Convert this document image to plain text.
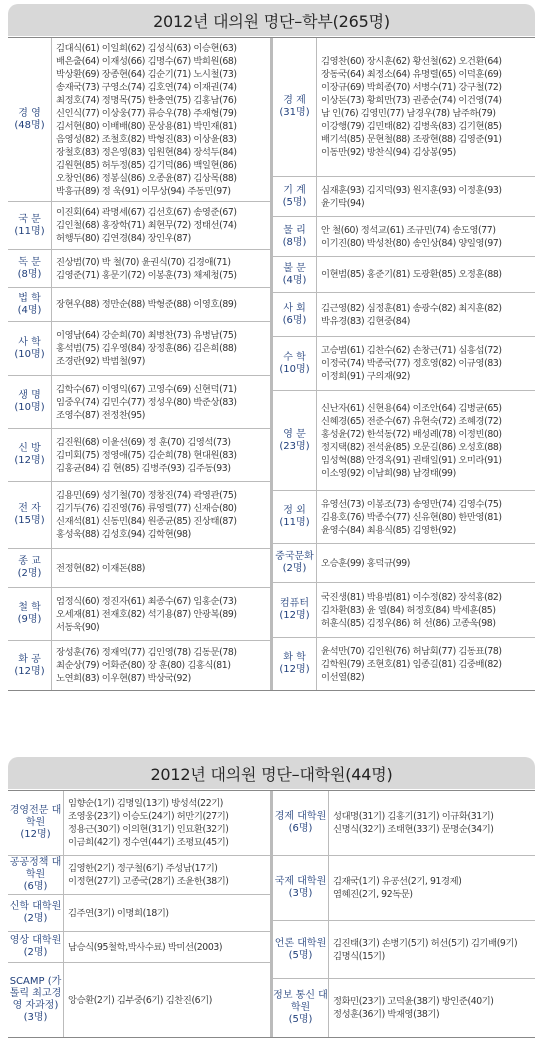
2012년 대의원 명단–학부(265명)
경 영
(48명)
김대식(61) 이일희(62) 김성식(63) 이승현(63)
배은출(64) 이재성(66) 김명수(67) 박희원(68)
박상환(69) 장종현(64) 김순기(71) 노시철(73)
송재국(73) 구영소(74) 김호연(74) 이재권(74)
최정호(74) 정명목(75) 한충연(75) 김홍남(76)
신인식(77) 이상웅(77) 류승우(78) 주재형(79)
김서현(80) 이배배(80) 문상용(81) 박민재(81)
음영성(82) 조철호(82) 박형진(83) 이상윤(83)
장철호(83) 정은영(83) 임원현(84) 장석두(84)
김원현(85) 허두정(85) 김기덕(86) 백일현(86)
오창언(86) 정봉실(86) 오종윤(87) 김상목(88)
박흥규(89) 정 욱(91) 이무상(94) 주동민(97)
국 문
(11명)
이진회(64) 곽명세(67) 김선호(67) 송영준(67)
김인철(68) 홍장학(71) 최현무(72) 정태선(74)
허행두(80) 김연경(84) 장인우(87)
독 문
(8명)
진상범(70) 박 철(70) 윤권식(70) 김경애(71)
김영준(71) 홍문기(72) 이봉훈(73) 채제청(75)
법 학
(4명) 장현우(88) 정만순(88) 박형준(88) 이영호(89)
사 학
(10명)
이영남(64) 강순희(70) 최병찬(73) 유병남(75)
홍석범(75) 김우영(84) 장정훈(86) 김은희(88)
조경란(92) 박범철(97)
생 명
(10명)
김학수(67) 이영익(67) 고영수(69) 신현덕(71)
임중우(74) 김민수(77) 정성우(80) 박준상(83)
조영수(87) 전정찬(95)
신 방
(12명)
김진원(68) 이윤선(69) 정 훈(70) 김영석(73)
김미회(75) 정영애(75) 김순희(78) 현대원(83)
김홍균(84) 김 현(85) 김병주(93) 김주동(93)
전 자
(15명)
김용민(69) 성기철(70) 정창진(74) 곽영관(75)
김기두(76) 김진영(76) 류영렬(77) 신재승(80)
신재석(81) 신동민(84) 원종균(85) 진상태(87)
홍성욱(88) 김성호(94) 김학현(98)
종 교
(2명) 전정현(82) 이재돈(88)
철 학
(9명)
엄정식(60) 정진자(61) 최종수(67) 임홍순(73)
오세재(81) 전재호(82) 석기용(87) 안광복(89)
서동욱(90)
화 공
(12명)
장성훈(76) 정재억(77) 김인영(78) 김동문(78)
최순상(79) 어화준(80) 장 훈(80) 김홍식(81)
노연희(83) 이우현(87) 박상국(92)
경 제
(31명)
김영찬(60) 장시훈(62) 황선철(62) 오건환(64)
장동국(64) 최정소(64) 유명렬(65) 이덕훈(69)
이장규(69) 박희종(70) 서병수(71) 강구철(72)
이상돈(73) 황희만(73) 권종순(74) 이건영(74)
남 인(76) 김영민(77) 남경우(78) 남주하(79)
이강행(79) 김민태(82) 김병욱(83) 김기현(85)
배기석(85) 문현철(88) 조광현(88) 김영준(91)
이동만(92) 방찬식(94) 김상봉(95)
기 계
(5명)
심재훈(93) 김지덕(93) 원지훈(93) 이정훈(93)
윤기탁(94)
물 리
(8명)
안 철(60) 정석교(61) 조규민(74) 송도영(77)
이기진(80) 박성찬(80) 송인상(84) 양일영(97)
불 문
(4명) 이현범(85) 홍준기(81) 도광환(85) 오정훈(88)
사 회
(6명)
김근영(82) 심정훈(81) 송광수(82) 최지훈(82)
박유경(83) 김현중(84)
수 학
(10명)
고승범(61) 김찬수(62) 손창근(71) 심흥섭(72)
이정국(74) 박종국(77) 정호영(82) 이규영(83)
이정희(91) 구의재(92)
영 문
(23명)
신난자(61) 신현용(64) 이조안(64) 김병균(65)
신혜경(65) 전준수(67) 유현숙(72) 조혜경(72)
홍성윤(72) 한석동(72) 배성례(78) 이정빈(80)
정지택(82) 전석윤(85) 오문길(86) 오성호(88)
임성혁(88) 안경옥(91) 권태일(91) 오미라(91)
이소영(92) 이남희(98) 남경태(99)
정 외
(11명)
유영선(73) 이봉조(73) 송영만(74) 김영수(75)
김용호(76) 박종수(77) 신유현(80) 한만영(81)
윤영수(84) 최용식(85) 김영한(92)
중국문화
(2명) 오승훈(99) 홍덕규(99)
컴퓨터
(12명)
국진생(81) 박용범(81) 이수정(82) 장석홍(82)
김차환(83) 윤 열(84) 허정호(84) 박세훈(85)
허훈식(85) 김정우(86) 허 선(86) 고종욱(98)
화 학
(12명)
윤석만(70) 김인원(76) 허남회(77) 김동표(78)
김학원(79) 조현호(81) 임종길(81) 김중배(82)
이선열(82)
2012년 대의원 명단–대학원(44명)
경영전문 대학원
(12명)
임향순(1기) 김명일(13기) 방성석(22기)
조영웅(23기) 이승도(24기) 허만기(27기)
정용근(30기) 이의현(31기) 인묘환(32기)
이금희(42기) 정수연(44기) 조평묘(45기)
공공정책 대학원
(6명)
김영한(2기) 정구철(6기) 주성남(17기)
이정현(27기) 고종국(28기) 조윤한(38기)
신학 대학원
(2명) 김주연(3기) 이명희(18기)
영상 대학원
(2명) 남승식(95철학,박사수료) 박미선(2003)
SCAMP (가톨릭 최고경영 자과정)
(3명)
앙승환(2기) 김부중(6기) 김찬진(6기)
경제 대학원
(6명)
성대명(31기) 김홍기(31기) 이규화(31기)
신명식(32기) 조태현(33기) 문명순(34기)
국제 대학원
(3명)
김재국(1기) 유공선(2기, 91경제)
염혜진(2기, 92독문)
언론 대학원
(5명)
김진태(3기) 손병기(5기) 허선(5기) 김기배(9기)
김명식(15기)
정보 통신 대학원
(5명)
정화민(23기) 고덕윤(38기) 방인준(40기)
정성훈(36기) 박재영(38기)
